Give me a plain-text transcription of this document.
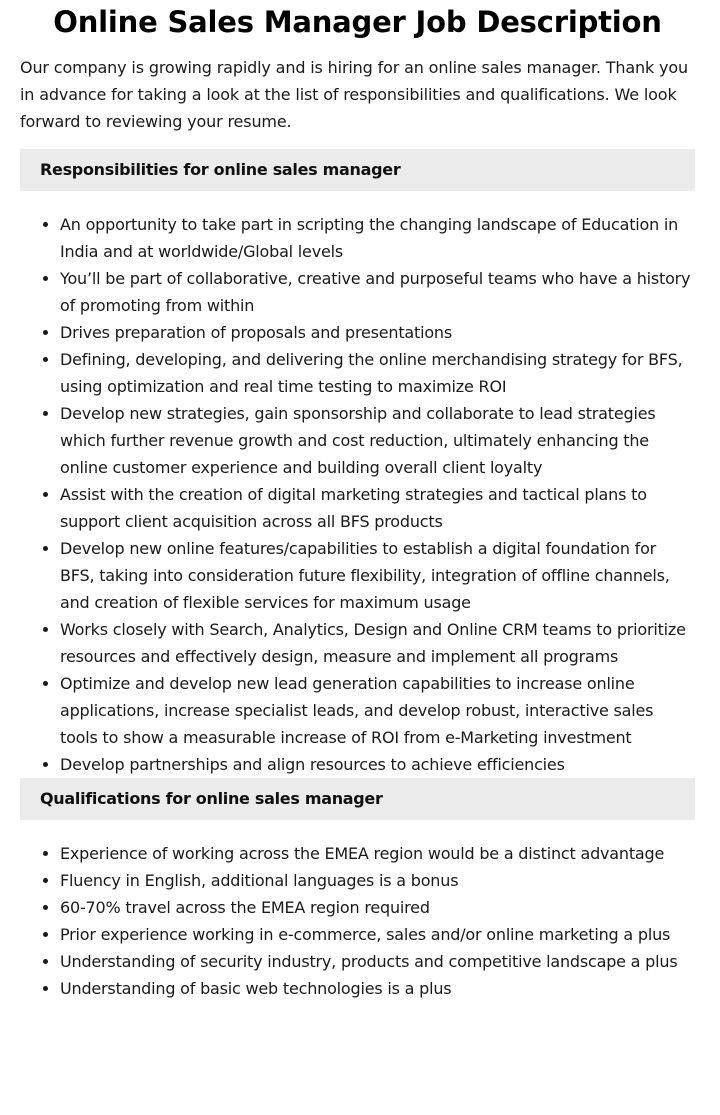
Online Sales Manager Job Description

Our company is growing rapidly and is hiring for an online sales manager. Thank you in advance for taking a look at the list of responsibilities and qualifications. We look forward to reviewing your resume.

Responsibilities for online sales manager
An opportunity to take part in scripting the changing landscape of Education in India and at worldwide/Global levels
You’ll be part of collaborative, creative and purposeful teams who have a history of promoting from within
Drives preparation of proposals and presentations
Defining, developing, and delivering the online merchandising strategy for BFS, using optimization and real time testing to maximize ROI
Develop new strategies, gain sponsorship and collaborate to lead strategies which further revenue growth and cost reduction, ultimately enhancing the online customer experience and building overall client loyalty
Assist with the creation of digital marketing strategies and tactical plans to support client acquisition across all BFS products
Develop new online features/capabilities to establish a digital foundation for BFS, taking into consideration future flexibility, integration of offline channels, and creation of flexible services for maximum usage
Works closely with Search, Analytics, Design and Online CRM teams to prioritize resources and effectively design, measure and implement all programs
Optimize and develop new lead generation capabilities to increase online applications, increase specialist leads, and develop robust, interactive sales tools to show a measurable increase of ROI from e-Marketing investment
Develop partnerships and align resources to achieve efficiencies
Qualifications for online sales manager
Experience of working across the EMEA region would be a distinct advantage
Fluency in English, additional languages is a bonus
60-70% travel across the EMEA region required
Prior experience working in e-commerce, sales and/or online marketing a plus
Understanding of security industry, products and competitive landscape a plus
Understanding of basic web technologies is a plus
